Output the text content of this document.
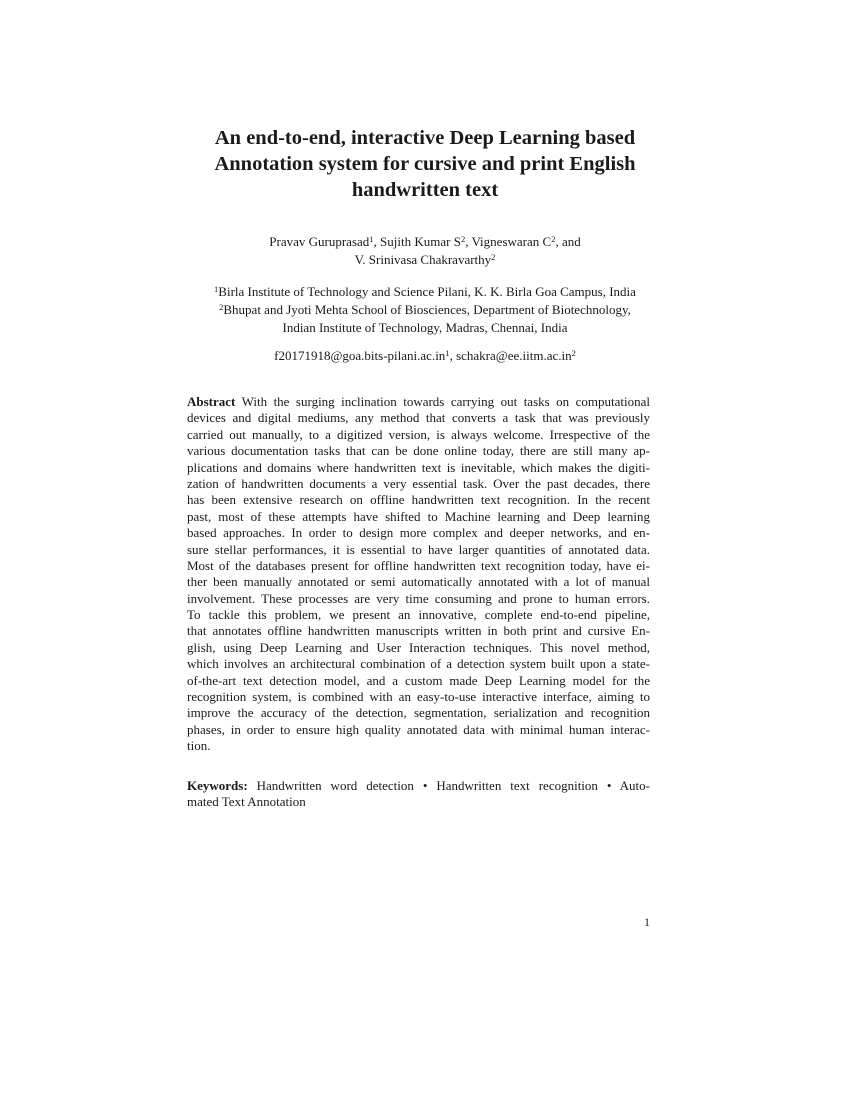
An end-to-end, interactive Deep Learning based
Annotation system for cursive and print English
handwritten text
Pravav Guruprasad$^1$, Sujith Kumar $S^2$, Vigneswaran $C^2$, and
V. Srinivasa Chakravarthy$^2$
$^1$Birla Institute of Technology and Science Pilani, K. K. Birla Goa Campus, India
$^2$Bhupat and Jyoti Mehta School of Biosciences, Department of Biotechnology,
Indian Institute of Technology, Madras, Chennai, India
$f20171918@goa.bits-pilani.ac.in^1$, $schakra@ee.iitm.ac.in^2$
Abstract With the surging inclination towards carrying out tasks on computational
devices and digital mediums, any method that converts a task that was previously
carried out manually, to a digitized version, is always welcome. Irrespective of the
various documentation tasks that can be done online today, there are still many ap-
plications and domains where handwritten text is inevitable, which makes the digiti-
zation of handwritten documents a very essential task. Over the past decades, there
has been extensive research on offline handwritten text recognition. In the recent
past, most of these attempts have shifted to Machine learning and Deep learning
based approaches. In order to design more complex and deeper networks, and en-
sure stellar performances, it is essential to have larger quantities of annotated data.
Most of the databases present for offline handwritten text recognition today, have ei-
ther been manually annotated or semi automatically annotated with a lot of manual
involvement. These processes are very time consuming and prone to human errors.
To tackle this problem, we present an innovative, complete end-to-end pipeline,
that annotates offline handwritten manuscripts written in both print and cursive En-
glish, using Deep Learning and User Interaction techniques. This novel method,
which involves an architectural combination of a detection system built upon a state-
of-the-art text detection model, and a custom made Deep Learning model for the
recognition system, is combined with an easy-to-use interactive interface, aiming to
improve the accuracy of the detection, segmentation, serialization and recognition
phases, in order to ensure high quality annotated data with minimal human interac-
tion.
Keywords: Handwritten word detection • Handwritten text recognition • Auto-
mated Text Annotation
1
